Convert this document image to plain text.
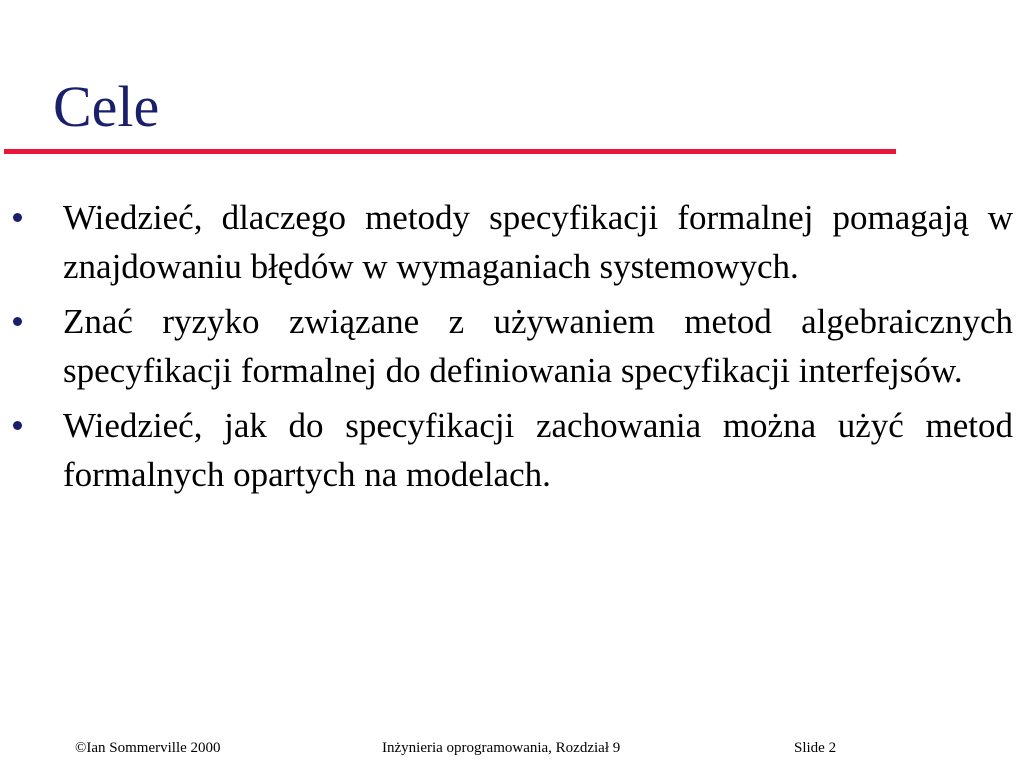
Cele
Wiedzieć, dlaczego metody specyfikacji formalnej pomagają w znajdowaniu błędów w wymaganiach systemowych.
Znać ryzyko związane z używaniem metod algebraicznych specyfikacji formalnej do definiowania specyfikacji interfejsów.
Wiedzieć, jak do specyfikacji zachowania można użyć metod formalnych opartych na modelach.
©Ian Sommerville 2000	Inżynieria oprogramowania, Rozdział 9	Slide 2
